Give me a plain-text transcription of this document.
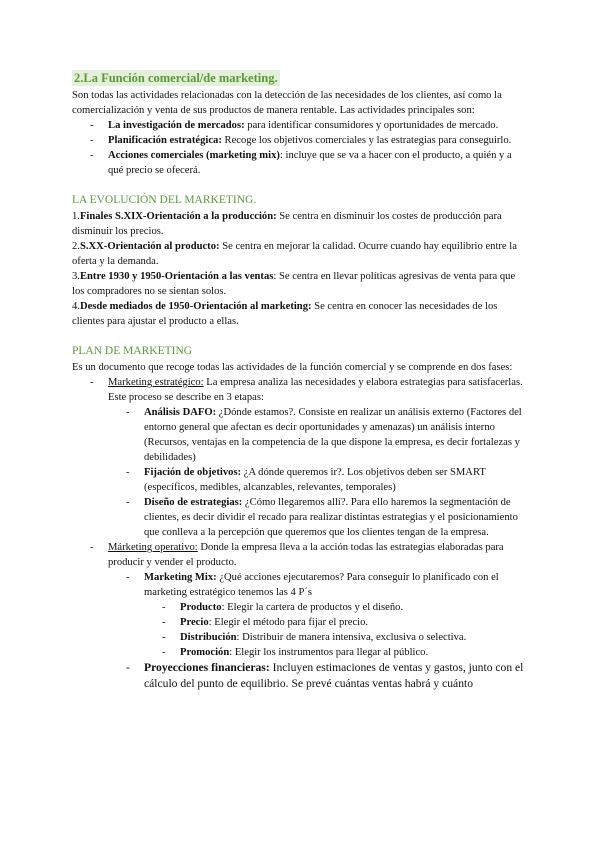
2.La Función comercial/de marketing.

Son todas las actividades relacionadas con la detección de las necesidades de los clientes, así como la comercialización y venta de sus productos de manera rentable. Las actividades principales son:

- La investigación de mercados: para identificar consumidores y oportunidades de mercado.
- Planificación estratégica: Recoge los objetivos comerciales y las estrategias para conseguirlo.
- Acciones comerciales (marketing mix): incluye que se va a hacer con el producto, a quién y a qué precio se ofecerá.
LA EVOLUCIÓN DEL MARKETING.

1.Finales S.XIX-Orientación a la producción: Se centra en disminuir los costes de producción para disminuir los precios.

2.S.XX-Orientación al producto: Se centra en mejorar la calidad. Ocurre cuando hay equilibrio entre la oferta y la demanda.

3.Entre 1930 y 1950-Orientación a las ventas: Se centra en llevar políticas agresivas de venta para que los compradores no se sientan solos.

4.Desde mediados de 1950-Orientación al marketing: Se centra en conocer las necesidades de los clientes para ajustar el producto a ellas.

PLAN DE MARKETING

Es un documento que recoge todas las actividades de la función comercial y se comprende en dos fases:

- Marketing estratégico: La empresa analiza las necesidades y elabora estrategias para satisfacerlas. Este proceso se describe en 3 etapas:
- Análisis DAFO: ¿Dónde estamos?. Consiste en realizar un análisis externo (Factores del entorno general que afectan es decir oportunidades y amenazas) un análisis interno (Recursos, ventajas en la competencia de la que dispone la empresa, es decir fortalezas y debilidades)
- Fijación de objetivos: ¿A dónde queremos ir?. Los objetivos deben ser SMART (específicos, medibles, alcanzables, relevantes, temporales)
- Diseño de estrategias: ¿Cómo llegaremos allí?. Para ello haremos la segmentación de clientes, es decir dividir el recado para realizar distintas estrategias y el posicionamiento que conlleva a la percepción que queremos que los clientes tengan de la empresa.
- Márketing operativo: Donde la empresa lleva a la acción todas las estrategias elaboradas para producir y vender el producto.
- Marketing Mix: ¿Qué acciones ejecutaremos? Para conseguir lo planificado con el marketing estratégico tenemos las 4 P´s
- Producto: Elegir la cartera de productos y el diseño.
- Precio: Elegir el método para fijar el precio.
- Distribución: Distribuir de manera intensiva, exclusiva o selectiva.
- Promoción: Elegir los instrumentos para llegar al público.
- Proyecciones financieras: Incluyen estimaciones de ventas y gastos, junto con el cálculo del punto de equilibrio. Se prevé cuántas ventas habrá y cuánto
